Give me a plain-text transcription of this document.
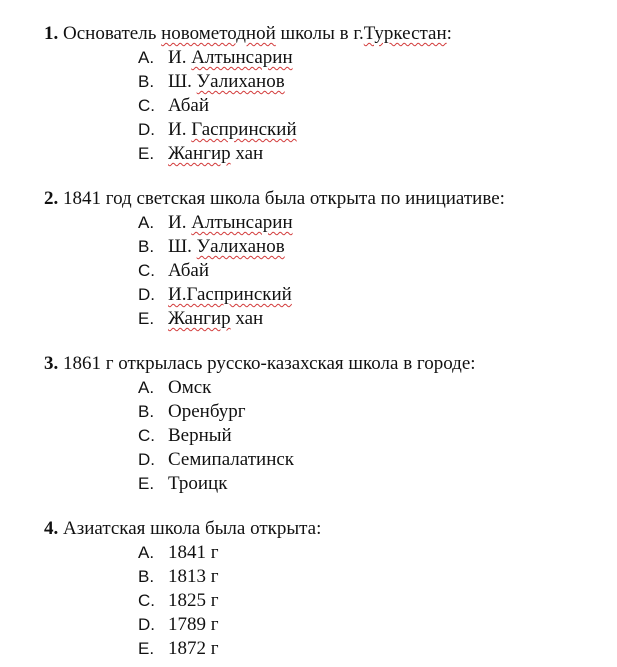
1. Основатель новометодной школы в г.Туркестан:
A. И. Алтынсарин
B. Ш. Уалиханов
C. Абай
D. И. Гаспринский
E. Жангир хан
2. 1841 год светская школа была открыта по инициативе:
A. И. Алтынсарин
B. Ш. Уалиханов
C. Абай
D. И.Гаспринский
E. Жангир хан
3. 1861 г открылась русско-казахская школа в городе:
A. Омск
B. Оренбург
C. Верный
D. Семипалатинск
E. Троицк
4. Азиатская школа была открыта:
A. 1841 г
B. 1813 г
C. 1825 г
D. 1789 г
E. 1872 г
